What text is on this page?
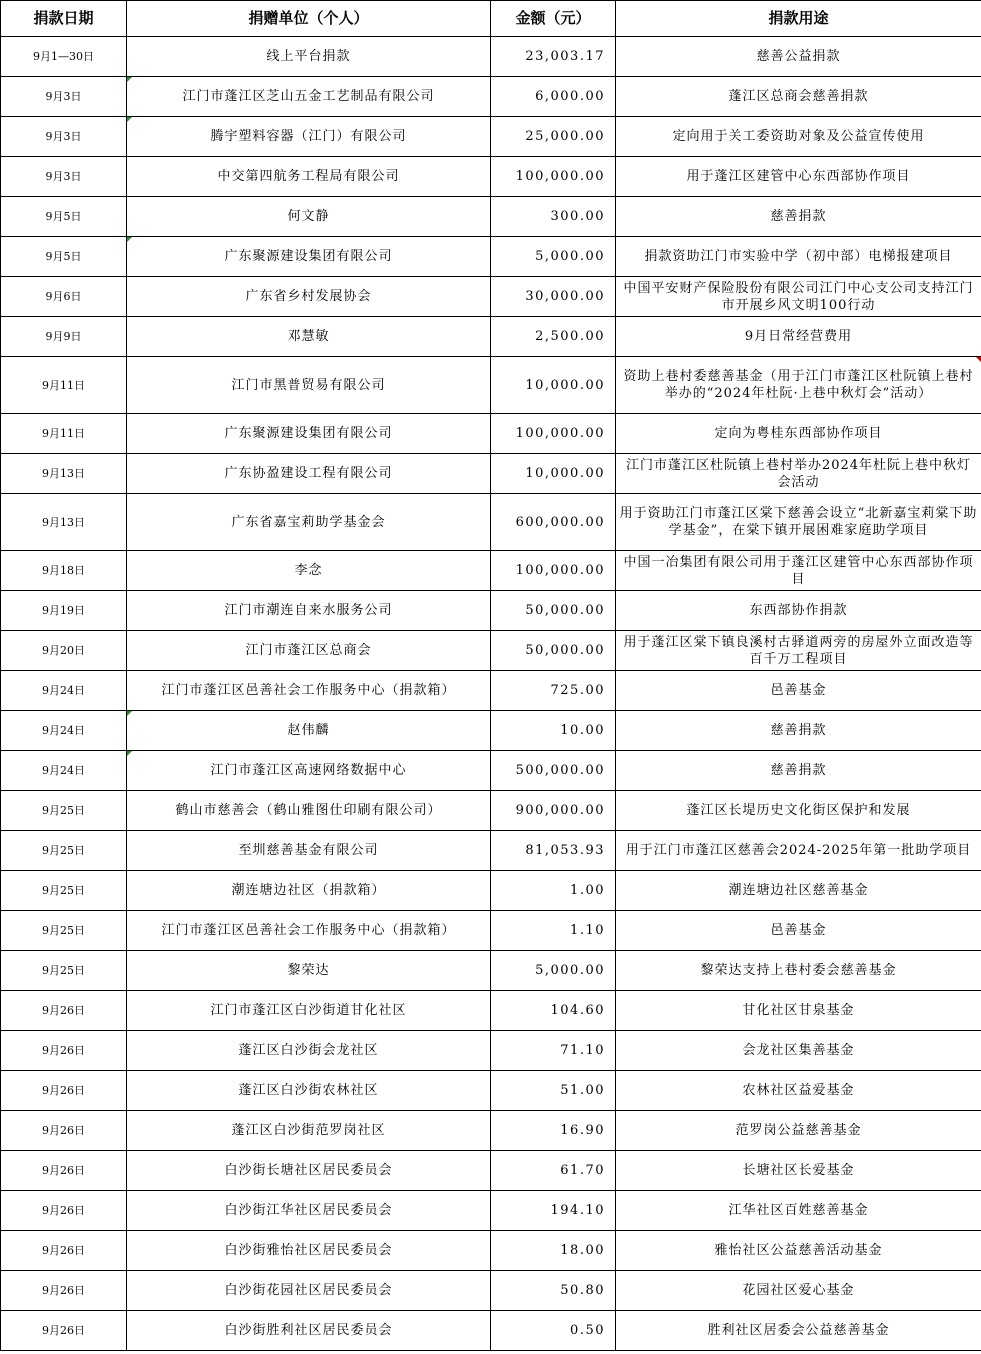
捐款日期	捐赠单位（个人）	金额（元）	捐款用途
9月1—30日	线上平台捐款	23,003.17	慈善公益捐款
9月3日	江门市蓬江区芝山五金工艺制品有限公司	6,000.00	蓬江区总商会慈善捐款
9月3日	腾宇塑料容器（江门）有限公司	25,000.00	定向用于关工委资助对象及公益宣传使用
9月3日	中交第四航务工程局有限公司	100,000.00	用于蓬江区建管中心东西部协作项目
9月5日	何文静	300.00	慈善捐款
9月5日	广东聚源建设集团有限公司	5,000.00	捐款资助江门市实验中学（初中部）电梯报建项目
9月6日	广东省乡村发展协会	30,000.00	中国平安财产保险股份有限公司江门中心支公司支持江门市开展乡风文明100行动
9月9日	邓慧敏	2,500.00	9月日常经营费用
9月11日	江门市黑普贸易有限公司	10,000.00	资助上巷村委慈善基金（用于江门市蓬江区杜阮镇上巷村举办的“2024年杜阮·上巷中秋灯会”活动）

9月11日	广东聚源建设集团有限公司	100,000.00	定向为粤桂东西部协作项目
9月13日	广东协盈建设工程有限公司	10,000.00	江门市蓬江区杜阮镇上巷村举办2024年杜阮上巷中秋灯会活动
9月13日	广东省嘉宝莉助学基金会	600,000.00	用于资助江门市蓬江区棠下慈善会设立“北新嘉宝莉棠下助学基金”，在棠下镇开展困难家庭助学项目
9月18日	李念	100,000.00	中国一冶集团有限公司用于蓬江区建管中心东西部协作项目
9月19日	江门市潮连自来水服务公司	50,000.00	东西部协作捐款
9月20日	江门市蓬江区总商会	50,000.00	用于蓬江区棠下镇良溪村古驿道两旁的房屋外立面改造等百千万工程项目
9月24日	江门市蓬江区邑善社会工作服务中心（捐款箱）	725.00	邑善基金
9月24日	赵伟麟	10.00	慈善捐款
9月24日	江门市蓬江区高速网络数据中心	500,000.00	慈善捐款
9月25日	鹤山市慈善会（鹤山雅图仕印刷有限公司）	900,000.00	蓬江区长堤历史文化街区保护和发展
9月25日	至圳慈善基金有限公司	81,053.93	用于江门市蓬江区慈善会2024-2025年第一批助学项目
9月25日	潮连塘边社区（捐款箱）	1.00	潮连塘边社区慈善基金
9月25日	江门市蓬江区邑善社会工作服务中心（捐款箱）	1.10	邑善基金
9月25日	黎荣达	5,000.00	黎荣达支持上巷村委会慈善基金
9月26日	江门市蓬江区白沙街道甘化社区	104.60	甘化社区甘泉基金
9月26日	蓬江区白沙街会龙社区	71.10	会龙社区集善基金
9月26日	蓬江区白沙街农林社区	51.00	农林社区益爱基金
9月26日	蓬江区白沙街范罗岗社区	16.90	范罗岗公益慈善基金
9月26日	白沙街长塘社区居民委员会	61.70	长塘社区长爱基金
9月26日	白沙街江华社区居民委员会	194.10	江华社区百姓慈善基金
9月26日	白沙街雅怡社区居民委员会	18.00	雅怡社区公益慈善活动基金
9月26日	白沙街花园社区居民委员会	50.80	花园社区爱心基金
9月26日	白沙街胜利社区居民委员会	0.50	胜利社区居委会公益慈善基金
